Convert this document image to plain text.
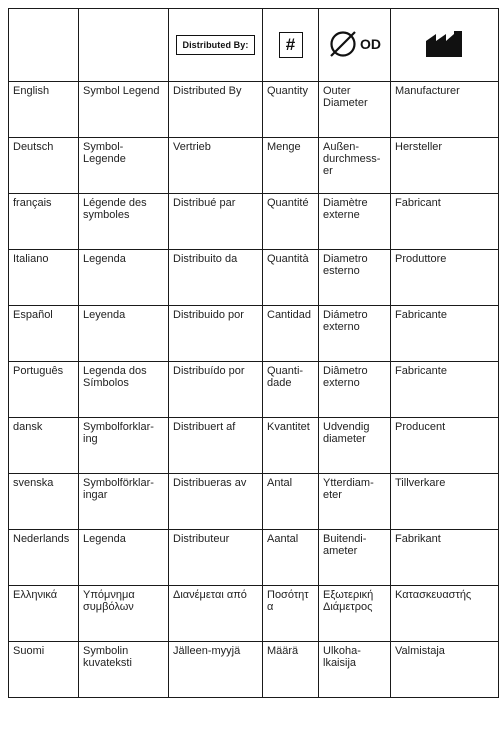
		Distributed By:	#	OD

English	Symbol Legend	Distributed By	Quantity	Outer Diameter	Manufacturer
Deutsch	Symbol-Legende	Vertrieb	Menge	Außen-durchmess-er	Hersteller
français	Légende des symboles	Distribué par	Quantité	Diamètre externe	Fabricant
Italiano	Legenda	Distribuito da	Quantità	Diametro esterno	Produttore
Español	Leyenda	Distribuido por	Cantidad	Diámetro externo	Fabricante
Português	Legenda dos Símbolos	Distribuído por	Quanti-dade	Diâmetro externo	Fabricante
dansk	Symbolforklar-ing	Distribuert af	Kvantitet	Udvendig diameter	Producent
svenska	Symbolförklar-ingar	Distribueras av	Antal	Ytterdiam-eter	Tillverkare
Nederlands	Legenda	Distributeur	Aantal	Buitendi-ameter	Fabrikant
Ελληνικά	Υπόμνημα συμβόλων	Διανέμεται από	Ποσότητα	Εξωτερική Διάμετρος	Κατασκευαστής
Suomi	Symbolin kuvateksti	Jälleen-myyjä	Määrä	Ulkoha-lkaisija	Valmistaja
